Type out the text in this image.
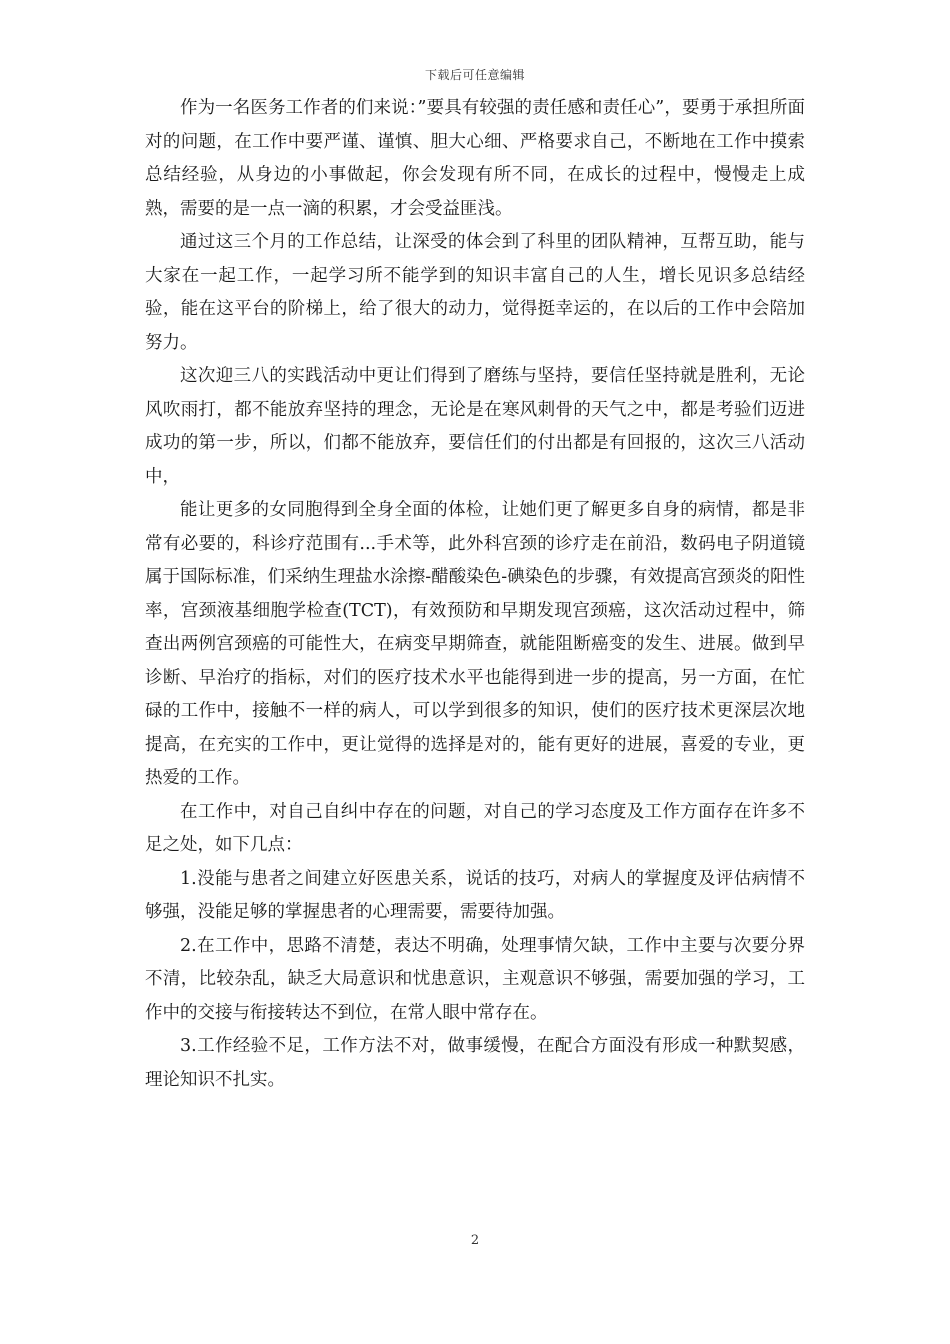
下载后可任意编辑

作为一名医务工作者的们来说：”要具有较强的责任感和责任心”，要勇于承担所面对的问题，在工作中要严谨、谨慎、胆大心细、严格要求自己，不断地在工作中摸索总结经验，从身边的小事做起，你会发现有所不同，在成长的过程中，慢慢走上成熟，需要的是一点一滴的积累，才会受益匪浅。

通过这三个月的工作总结，让深受的体会到了科里的团队精神，互帮互助，能与大家在一起工作，一起学习所不能学到的知识丰富自己的人生，增长见识多总结经验，能在这平台的阶梯上，给了很大的动力，觉得挺幸运的，在以后的工作中会陪加努力。

这次迎三八的实践活动中更让们得到了磨练与坚持，要信任坚持就是胜利，无论风吹雨打，都不能放弃坚持的理念，无论是在寒风刺骨的天气之中，都是考验们迈进成功的第一步，所以，们都不能放弃，要信任们的付出都是有回报的，这次三八活动中，

能让更多的女同胞得到全身全面的体检，让她们更了解更多自身的病情，都是非常有必要的，科诊疗范围有...手术等，此外科宫颈的诊疗走在前沿，数码电子阴道镜属于国际标准，们采纳生理盐水涂擦-醋酸染色-碘染色的步骤，有效提高宫颈炎的阳性率，宫颈液基细胞学检查(TCT)，有效预防和早期发现宫颈癌，这次活动过程中，筛查出两例宫颈癌的可能性大，在病变早期筛查，就能阻断癌变的发生、进展。做到早诊断、早治疗的指标，对们的医疗技术水平也能得到进一步的提高，另一方面，在忙碌的工作中，接触不一样的病人，可以学到很多的知识，使们的医疗技术更深层次地提高，在充实的工作中，更让觉得的选择是对的，能有更好的进展，喜爱的专业，更热爱的工作。

在工作中，对自己自纠中存在的问题，对自己的学习态度及工作方面存在许多不足之处，如下几点：

1.没能与患者之间建立好医患关系，说话的技巧，对病人的掌握度及评估病情不够强，没能足够的掌握患者的心理需要，需要待加强。

2.在工作中，思路不清楚，表达不明确，处理事情欠缺，工作中主要与次要分界不清，比较杂乱，缺乏大局意识和忧患意识，主观意识不够强，需要加强的学习，工作中的交接与衔接转达不到位，在常人眼中常存在。

3.工作经验不足，工作方法不对，做事缓慢，在配合方面没有形成一种默契感，理论知识不扎实。

2
